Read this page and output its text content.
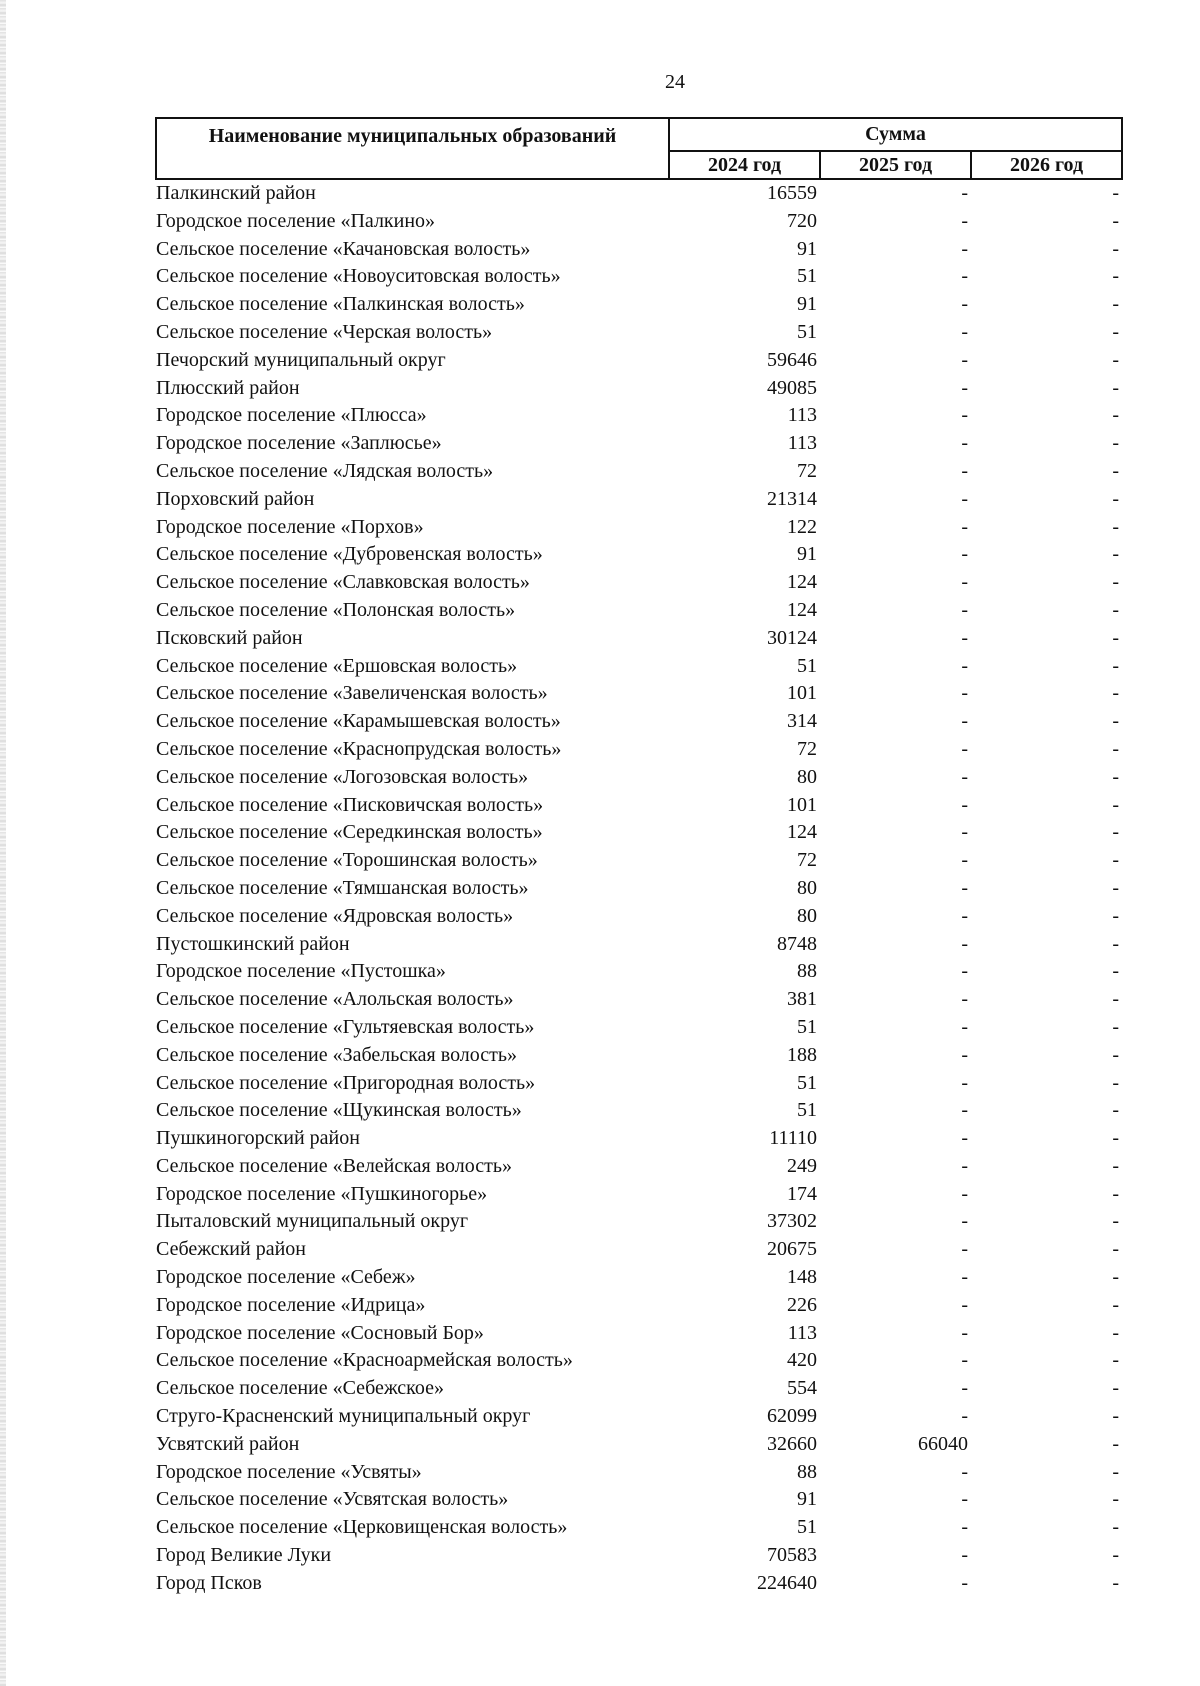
24
Наименование муниципальных образований	Сумма		
	2024 год	2025 год	2026 год
Палкинский район	16559	-	-
Городское поселение «Палкино»	720	-	-
Сельское поселение «Качановская волость»	91	-	-
Сельское поселение «Новоуситовская волость»	51	-	-
Сельское поселение «Палкинская волость»	91	-	-
Сельское поселение «Черская волость»	51	-	-
Печорский муниципальный округ	59646	-	-
Плюсский район	49085	-	-
Городское поселение «Плюсса»	113	-	-
Городское поселение «Заплюсье»	113	-	-
Сельское поселение «Лядская волость»	72	-	-
Порховский район	21314	-	-
Городское поселение «Порхов»	122	-	-
Сельское поселение «Дубровенская волость»	91	-	-
Сельское поселение «Славковская волость»	124	-	-
Сельское поселение «Полонская волость»	124	-	-
Псковский район	30124	-	-
Сельское поселение «Ершовская волость»	51	-	-
Сельское поселение «Завеличенская волость»	101	-	-
Сельское поселение «Карамышевская волость»	314	-	-
Сельское поселение «Краснопрудская волость»	72	-	-
Сельское поселение «Логозовская волость»	80	-	-
Сельское поселение «Писковичская волость»	101	-	-
Сельское поселение «Середкинская волость»	124	-	-
Сельское поселение «Торошинская волость»	72	-	-
Сельское поселение «Тямшанская волость»	80	-	-
Сельское поселение «Ядровская волость»	80	-	-
Пустошкинский район	8748	-	-
Городское поселение «Пустошка»	88	-	-
Сельское поселение «Алольская волость»	381	-	-
Сельское поселение «Гультяевская волость»	51	-	-
Сельское поселение «Забельская волость»	188	-	-
Сельское поселение «Пригородная волость»	51	-	-
Сельское поселение «Щукинская волость»	51	-	-
Пушкиногорский район	11110	-	-
Сельское поселение «Велейская волость»	249	-	-
Городское поселение «Пушкиногорье»	174	-	-
Пыталовский муниципальный округ	37302	-	-
Себежский район	20675	-	-
Городское поселение «Себеж»	148	-	-
Городское поселение «Идрица»	226	-	-
Городское поселение «Сосновый Бор»	113	-	-
Сельское поселение «Красноармейская волость»	420	-	-
Сельское поселение «Себежское»	554	-	-
Струго-Красненский муниципальный округ	62099	-	-
Усвятский район	32660	66040	-
Городское поселение «Усвяты»	88	-	-
Сельское поселение «Усвятская волость»	91	-	-
Сельское поселение «Церковищенская волость»	51	-	-
Город Великие Луки	70583	-	-
Город Псков	224640	-	-
